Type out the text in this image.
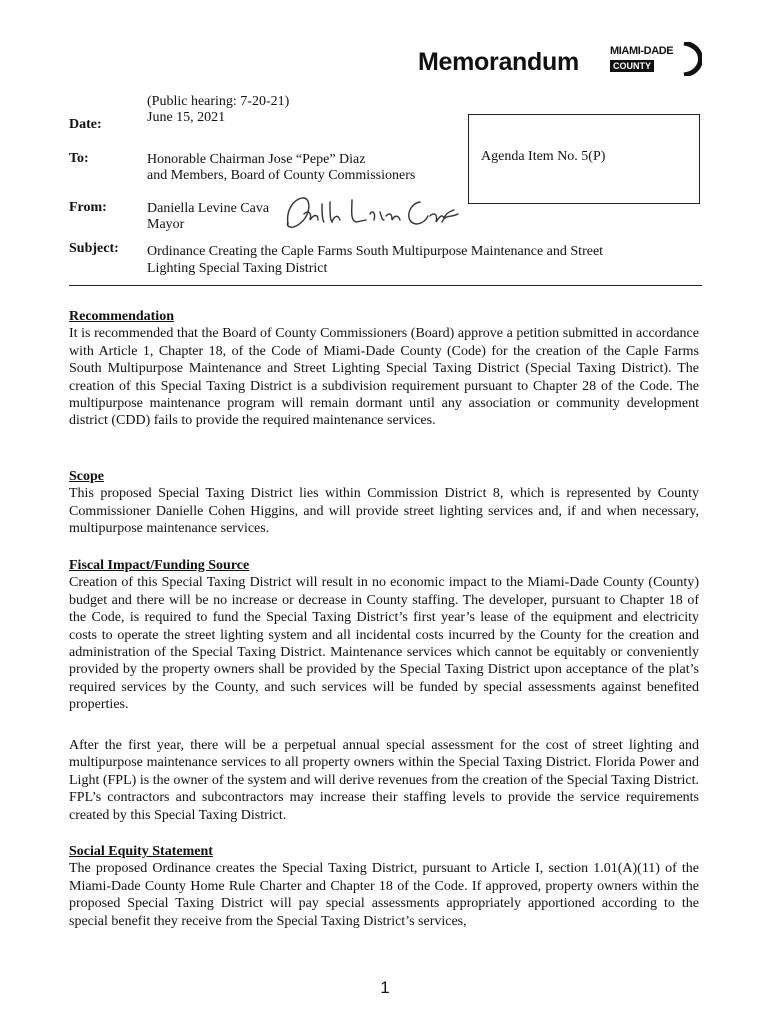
Memorandum	MIAMI-DADE
COUNTY
(Public hearing: 7-20-21)
Date:	June 15, 2021
Agenda Item No. 5(P)
To:	Honorable Chairman Jose “Pepe” Diaz
and Members, Board of County Commissioners
From:	Daniella Levine Cava
Mayor
Subject: Ordinance Creating the Caple Farms South Multipurpose Maintenance and Street
Lighting Special Taxing District
Recommendation

It is recommended that the Board of County Commissioners (Board) approve a petition submitted in accordance with Article 1, Chapter 18, of the Code of Miami-Dade County (Code) for the creation of the Caple Farms South Multipurpose Maintenance and Street Lighting Special Taxing District (Special Taxing District). The creation of this Special Taxing District is a subdivision requirement pursuant to Chapter 28 of the Code. The multipurpose maintenance program will remain dormant until any association or community development district (CDD) fails to provide the required maintenance services.

Scope

This proposed Special Taxing District lies within Commission District 8, which is represented by County Commissioner Danielle Cohen Higgins, and will provide street lighting services and, if and when necessary, multipurpose maintenance services.

Fiscal Impact/Funding Source

Creation of this Special Taxing District will result in no economic impact to the Miami-Dade County (County) budget and there will be no increase or decrease in County staffing. The developer, pursuant to Chapter 18 of the Code, is required to fund the Special Taxing District’s first year’s lease of the equipment and electricity costs to operate the street lighting system and all incidental costs incurred by the County for the creation and administration of the Special Taxing District. Maintenance services which cannot be equitably or conveniently provided by the property owners shall be provided by the Special Taxing District upon acceptance of the plat’s required services by the County, and such services will be funded by special assessments against benefited properties.

After the first year, there will be a perpetual annual special assessment for the cost of street lighting and multipurpose maintenance services to all property owners within the Special Taxing District. Florida Power and Light (FPL) is the owner of the system and will derive revenues from the creation of the Special Taxing District. FPL’s contractors and subcontractors may increase their staffing levels to provide the service requirements created by this Special Taxing District.

Social Equity Statement

The proposed Ordinance creates the Special Taxing District, pursuant to Article I, section 1.01(A)(11) of the Miami-Dade County Home Rule Charter and Chapter 18 of the Code. If approved, property owners within the proposed Special Taxing District will pay special assessments appropriately apportioned according to the special benefit they receive from the Special Taxing District’s services,

1
